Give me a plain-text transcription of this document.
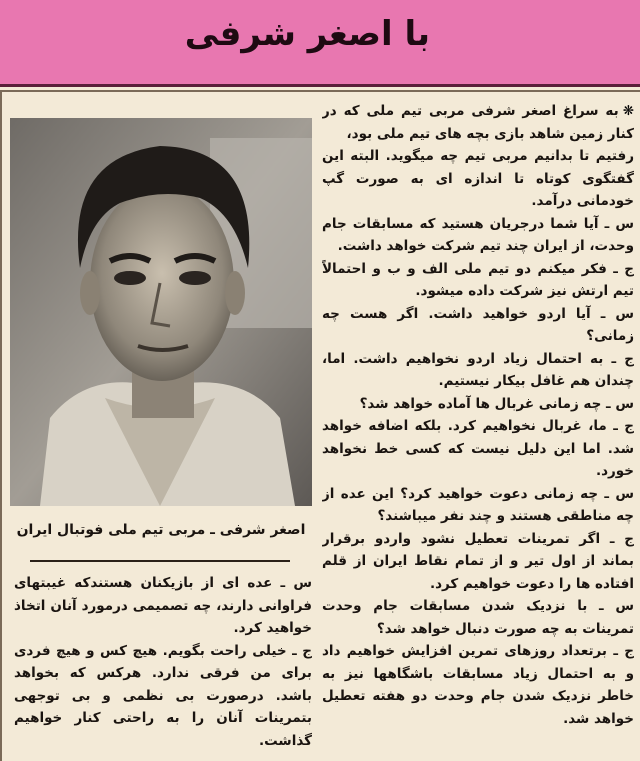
با اصغر شرفی
اصغر شرفی ـ مربی تیم ملی فوتبال ایران

❋به سراغ اصغر شرفی مربی تیم ملی که در کنار زمین شاهد بازی بچه های تیم ملی بود،

رفتیم تا بدانیم مربی تیم چه میگوید. البته این گفتگوی کوتاه تا اندازه ای به صورت گپ خودمانی درآمد.

س ـ آیا شما درجریان هستید که مسابقات جام وحدت، از ایران چند تیم شرکت خواهد داشت.

ج ـ فکر میکنم دو تیم ملی الف و ب و احتمالاً تیم ارتش نیز شرکت داده میشود.

س ـ آیا اردو خواهید داشت. اگر هست چه زمانی؟

ج ـ به احتمال زیاد اردو نخواهیم داشت. اما، چندان هم غافل بیکار نیستیم.

س ـ چه زمانی غربال ها آماده خواهد شد؟

ج ـ ما، غربال نخواهیم کرد. بلکه اضافه خواهد شد. اما این دلیل نیست که کسی خط نخواهد خورد.

س ـ چه زمانی دعوت خواهید کرد؟ این عده از چه مناطقی هستند و چند نفر میباشند؟

ج ـ اگر تمرینات تعطیل نشود واردو برقرار بماند از اول تیر و از تمام نقاط ایران از قلم افتاده ها را دعوت خواهیم کرد.

س ـ با نزدیک شدن مسابقات جام وحدت تمرینات به چه صورت دنبال خواهد شد؟

ج ـ برتعداد روزهای تمرین افزایش خواهیم داد و به احتمال زیاد مسابقات باشگاهها نیز به خاطر نزدیک شدن جام وحدت دو هفته تعطیل خواهد شد.

س ـ عده ای از بازیکنان هستندکه غیبتهای فراوانی دارند، چه تصمیمی درمورد آنان اتخاذ خواهید کرد.

ج ـ خیلی راحت بگویم. هیچ کس و هیچ فردی برای من فرقی ندارد. هرکس که بخواهد باشد. درصورت بی نظمی و بی توجهی بتمرینات آنان را به راحتی کنار خواهیم گذاشت.
